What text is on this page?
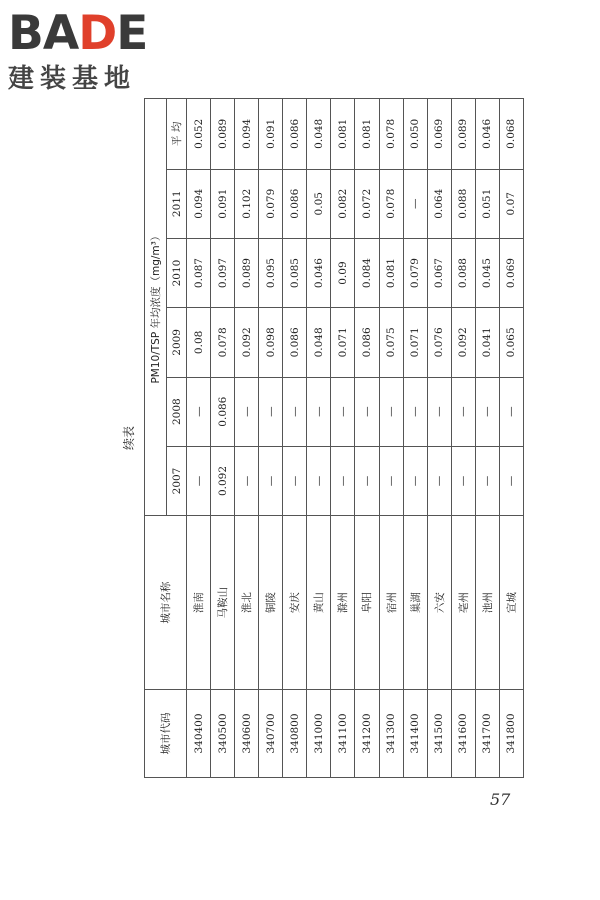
BADE
建装基地
续表
城市代码	城市名称	PM10/TSP 年均浓度（mg/m³）					
		2007	2008	2009	2010	2011	平 均
340400	淮南	—	—	0.08	0.087	0.094	0.052
340500	马鞍山	0.092	0.086	0.078	0.097	0.091	0.089
340600	淮北	—	—	0.092	0.089	0.102	0.094
340700	铜陵	—	—	0.098	0.095	0.079	0.091
340800	安庆	—	—	0.086	0.085	0.086	0.086
341000	黄山	—	—	0.048	0.046	0.05	0.048
341100	滁州	—	—	0.071	0.09	0.082	0.081
341200	阜阳	—	—	0.086	0.084	0.072	0.081
341300	宿州	—	—	0.075	0.081	0.078	0.078
341400	巢湖	—	—	0.071	0.079	—	0.050
341500	六安	—	—	0.076	0.067	0.064	0.069
341600	亳州	—	—	0.092	0.088	0.088	0.089
341700	池州	—	—	0.041	0.045	0.051	0.046
341800	宣城	—	—	0.065	0.069	0.07	0.068
57
